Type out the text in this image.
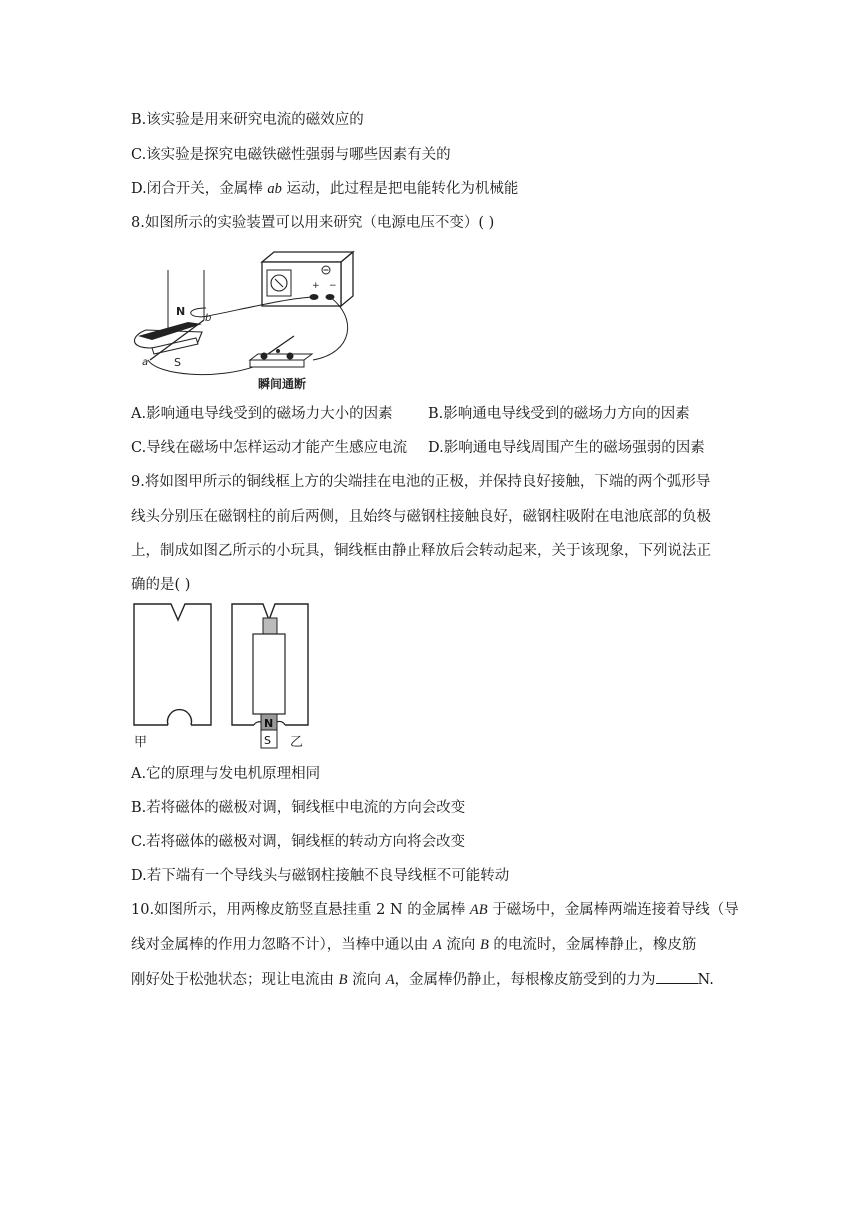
B.该实验是用来研究电流的磁效应的
C.该实验是探究电磁铁磁性强弱与哪些因素有关的
D.闭合开关，金属棒 ab 运动，此过程是把电能转化为机械能
8.如图所示的实验装置可以用来研究（电源电压不变）( )
+ −
N
S
a
b
瞬间通断
A.影响通电导线受到的磁场力大小的因素 B.影响通电导线受到的磁场力方向的因素
C.导线在磁场中怎样运动才能产生感应电流 D.影响通电导线周围产生的磁场强弱的因素
9.将如图甲所示的铜线框上方的尖端挂在电池的正极，并保持良好接触，下端的两个弧形导
线头分别压在磁钢柱的前后两侧，且始终与磁钢柱接触良好，磁钢柱吸附在电池底部的负极
上，制成如图乙所示的小玩具，铜线框由静止释放后会转动起来，关于该现象，下列说法正
确的是( )
甲
N
S 乙
A.它的原理与发电机原理相同
B.若将磁体的磁极对调，铜线框中电流的方向会改变
C.若将磁体的磁极对调，铜线框的转动方向将会改变
D.若下端有一个导线头与磁钢柱接触不良导线框不可能转动
10.如图所示，用两橡皮筋竖直悬挂重 2 N 的金属棒 AB 于磁场中，金属棒两端连接着导线（导
线对金属棒的作用力忽略不计），当棒中通以由 A 流向 B 的电流时，金属棒静止，橡皮筋
刚好处于松弛状态；现让电流由 B 流向 A，金属棒仍静止，每根橡皮筋受到的力为	N.
